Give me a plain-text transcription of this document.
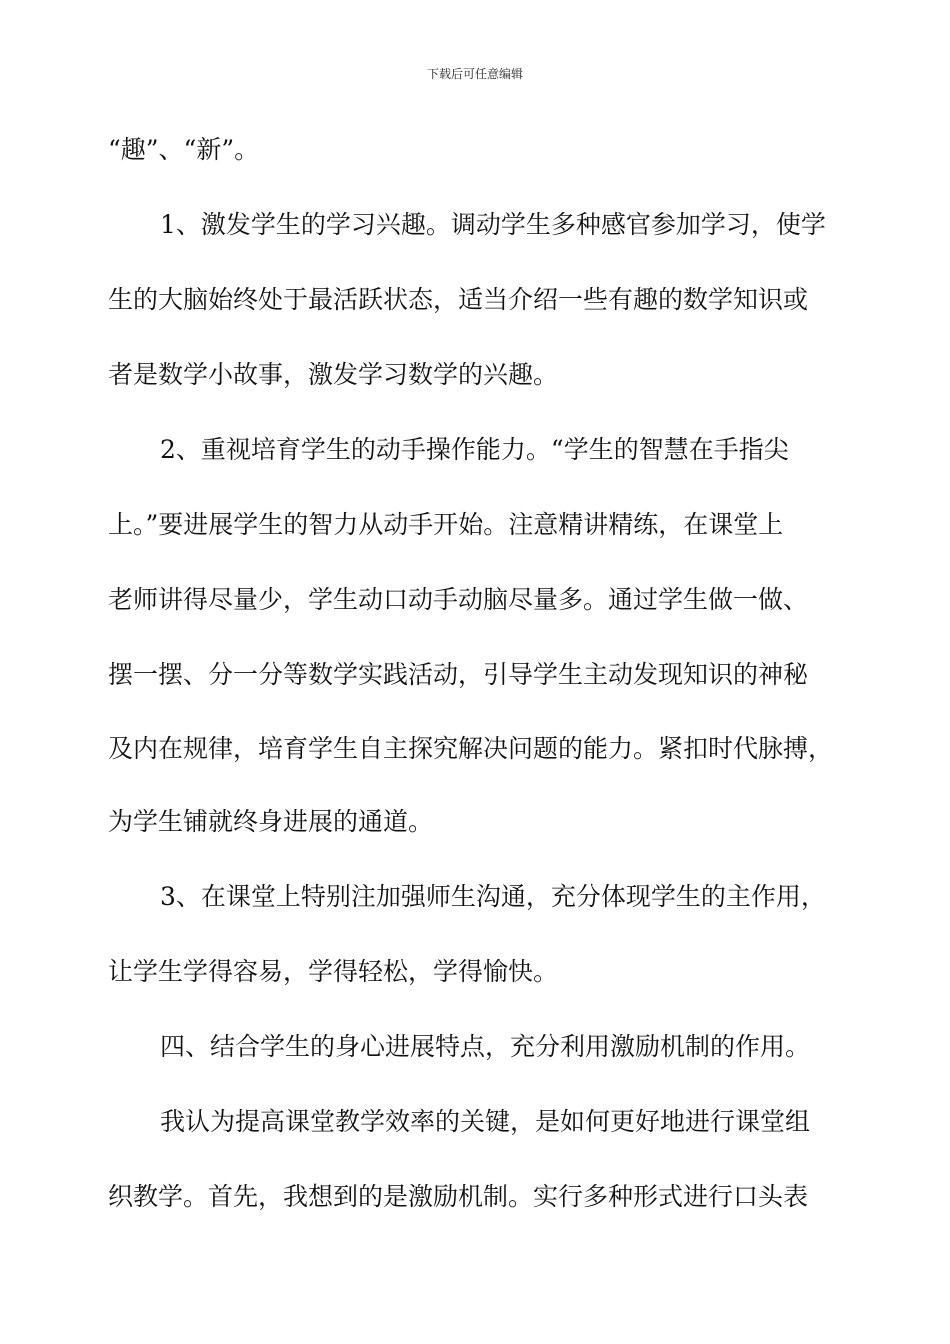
下载后可任意编辑
“趣”、“新”。
1、激发学生的学习兴趣。调动学生多种感官参加学习，使学
生的大脑始终处于最活跃状态，适当介绍一些有趣的数学知识或
者是数学小故事，激发学习数学的兴趣。
2、重视培育学生的动手操作能力。“学生的智慧在手指尖
上。”要进展学生的智力从动手开始。注意精讲精练，在课堂上
老师讲得尽量少，学生动口动手动脑尽量多。通过学生做一做、
摆一摆、分一分等数学实践活动，引导学生主动发现知识的神秘
及内在规律，培育学生自主探究解决问题的能力。紧扣时代脉搏，
为学生铺就终身进展的通道。
3、在课堂上特别注加强师生沟通，充分体现学生的主作用，
让学生学得容易，学得轻松，学得愉快。
四、结合学生的身心进展特点，充分利用激励机制的作用。
我认为提高课堂教学效率的关键，是如何更好地进行课堂组
织教学。首先，我想到的是激励机制。实行多种形式进行口头表
